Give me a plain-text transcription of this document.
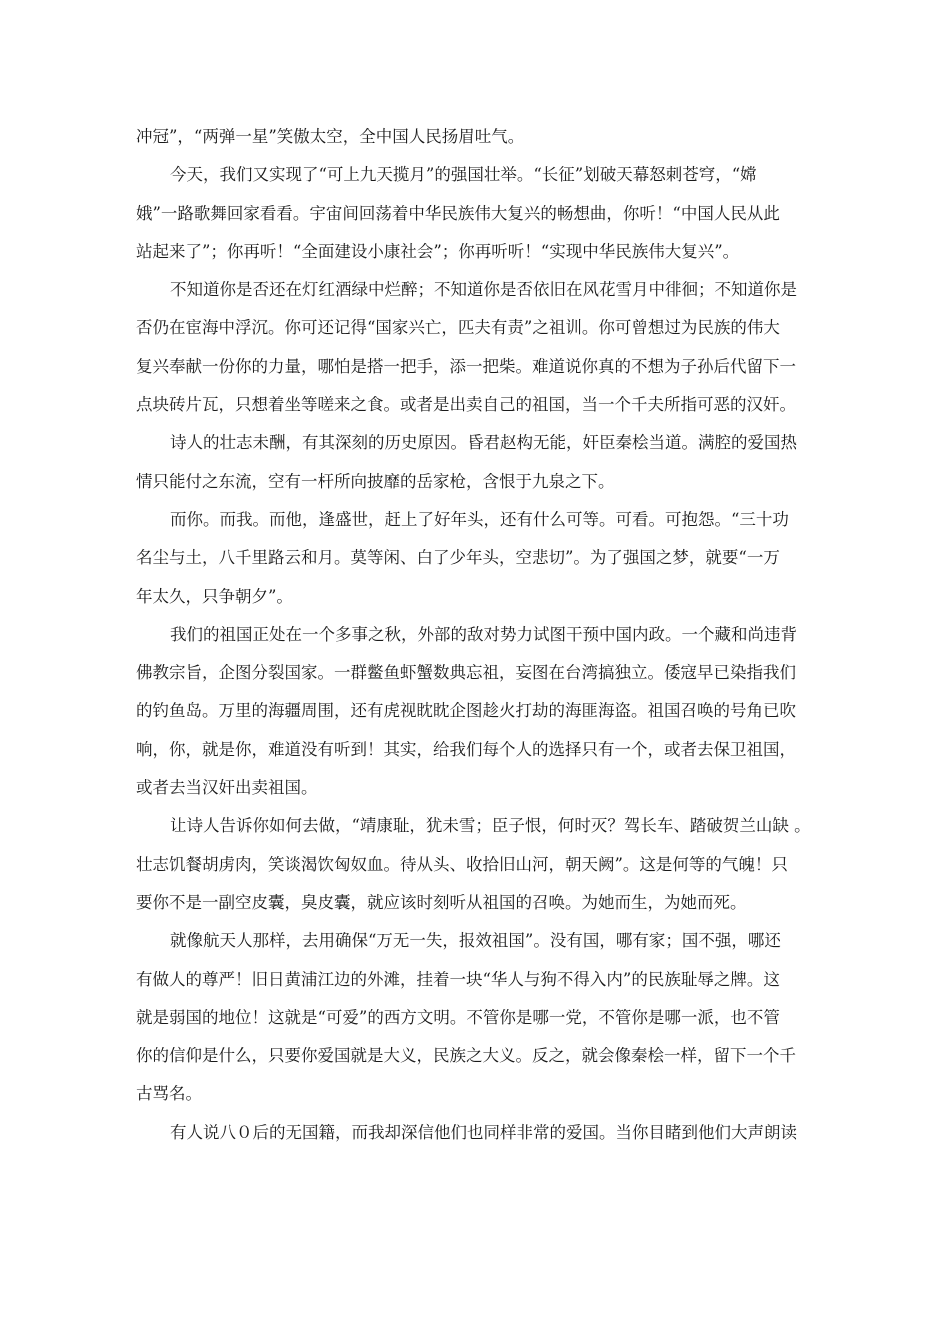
冲冠”，“两弹一星”笑傲太空，全中国人民扬眉吐气。
今天，我们又实现了“可上九天揽月”的强国壮举。“长征”划破天幕怒刺苍穹，“嫦
娥”一路歌舞回家看看。宇宙间回荡着中华民族伟大复兴的畅想曲，你听！“中国人民从此
站起来了”；你再听！“全面建设小康社会”；你再听听！“实现中华民族伟大复兴”。
不知道你是否还在灯红酒绿中烂醉；不知道你是否依旧在风花雪月中徘徊；不知道你是
否仍在宦海中浮沉。你可还记得“国家兴亡，匹夫有责”之祖训。你可曾想过为民族的伟大
复兴奉献一份你的力量，哪怕是搭一把手，添一把柴。难道说你真的不想为子孙后代留下一
点块砖片瓦，只想着坐等嗟来之食。或者是出卖自己的祖国，当一个千夫所指可恶的汉奸。
诗人的壮志未酬，有其深刻的历史原因。昏君赵构无能，奸臣秦桧当道。满腔的爱国热
情只能付之东流，空有一杆所向披靡的岳家枪，含恨于九泉之下。
而你。而我。而他，逢盛世，赶上了好年头，还有什么可等。可看。可抱怨。“三十功
名尘与土，八千里路云和月。莫等闲、白了少年头，空悲切”。为了强国之梦，就要“一万
年太久，只争朝夕”。
我们的祖国正处在一个多事之秋，外部的敌对势力试图干预中国内政。一个藏和尚违背
佛教宗旨，企图分裂国家。一群鳖鱼虾蟹数典忘祖，妄图在台湾搞独立。倭寇早已染指我们
的钓鱼岛。万里的海疆周围，还有虎视眈眈企图趁火打劫的海匪海盗。祖国召唤的号角已吹
响，你，就是你，难道没有听到！其实，给我们每个人的选择只有一个，或者去保卫祖国，
或者去当汉奸出卖祖国。
让诗人告诉你如何去做，“靖康耻，犹未雪；臣子恨，何时灭？驾长车、踏破贺兰山缺 。
壮志饥餐胡虏肉，笑谈渴饮匈奴血。待从头、收拾旧山河，朝天阙”。这是何等的气魄！只
要你不是一副空皮囊，臭皮囊，就应该时刻听从祖国的召唤。为她而生，为她而死。
就像航天人那样，去用确保“万无一失，报效祖国”。没有国，哪有家；国不强，哪还
有做人的尊严！旧日黄浦江边的外滩，挂着一块“华人与狗不得入内”的民族耻辱之牌。这
就是弱国的地位！这就是“可爱”的西方文明。不管你是哪一党，不管你是哪一派，也不管
你的信仰是什么，只要你爱国就是大义，民族之大义。反之，就会像秦桧一样，留下一个千
古骂名。
有人说八０后的无国籍，而我却深信他们也同样非常的爱国。当你目睹到他们大声朗读
